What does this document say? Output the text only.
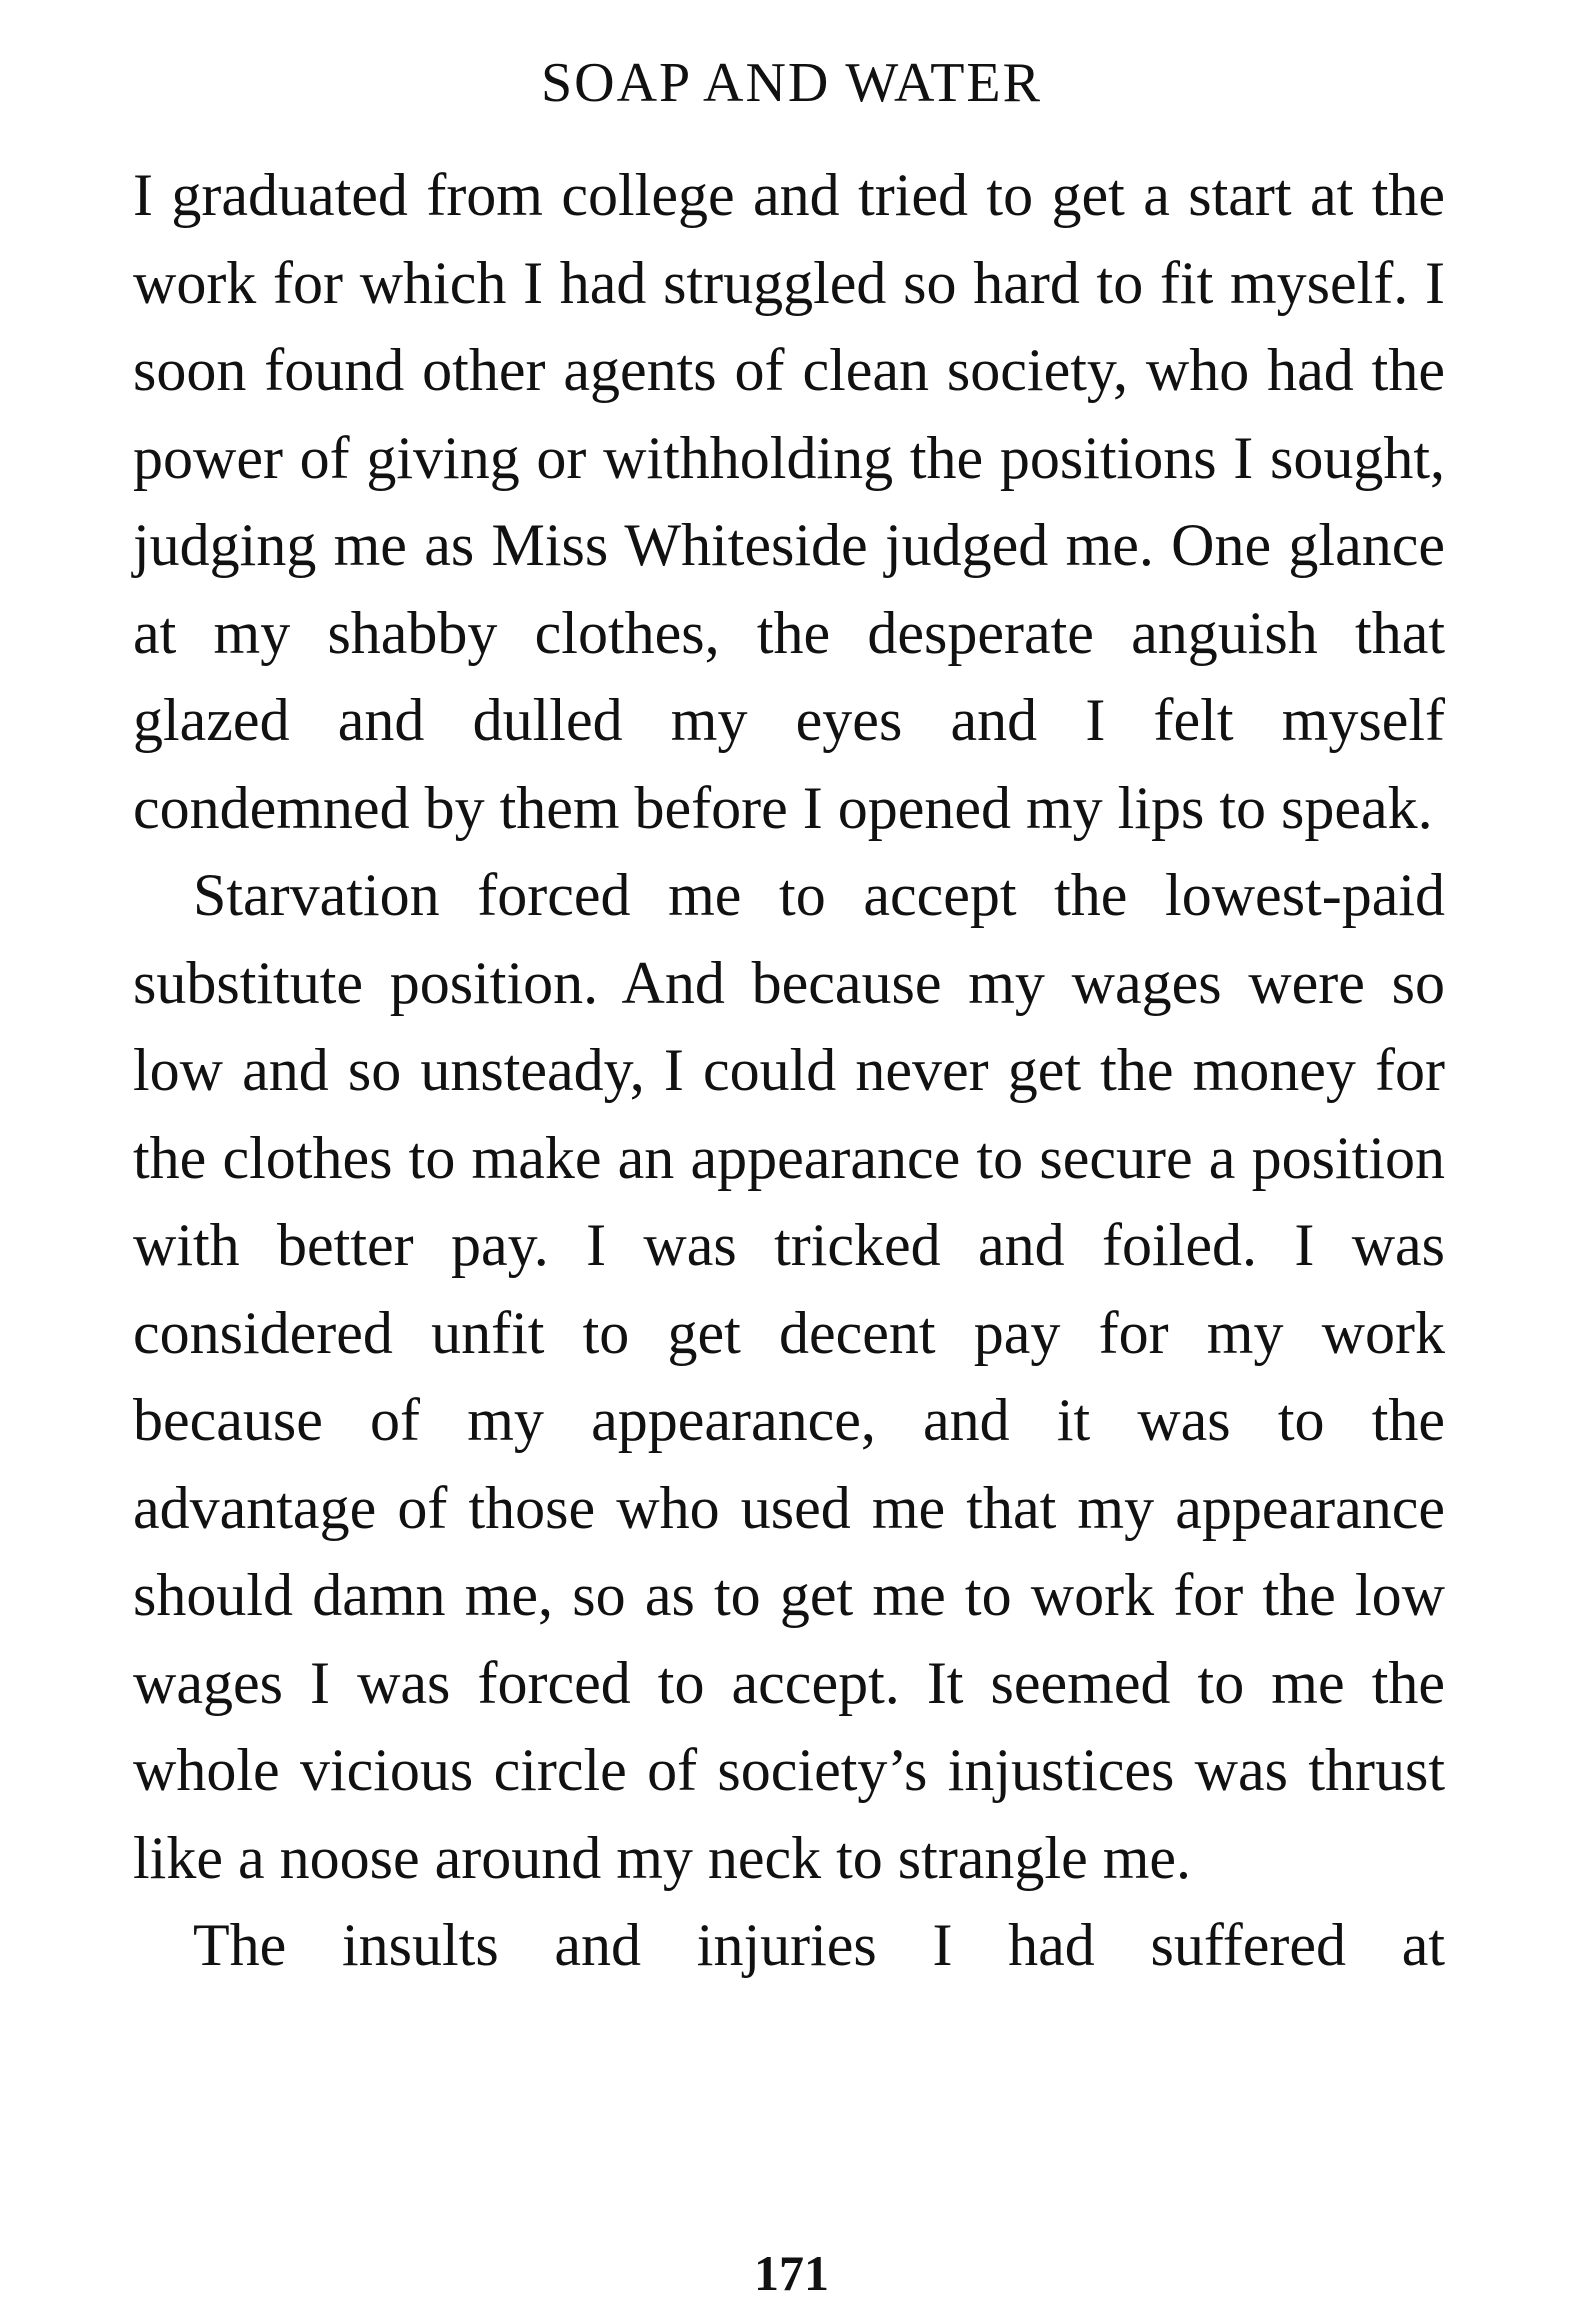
SOAP AND WATER

I graduated from college and tried to get a start at the work for which I had struggled so hard to fit myself. I soon found other agents of clean society, who had the power of giving or withholding the positions I sought, judging me as Miss Whiteside judged me. One glance at my shabby clothes, the desperate anguish that glazed and dulled my eyes and I felt myself condemned by them before I opened my lips to speak.

Starvation forced me to accept the lowest-paid substitute position. And because my wages were so low and so unsteady, I could never get the money for the clothes to make an appearance to secure a position with better pay. I was tricked and foiled. I was considered unfit to get decent pay for my work because of my appearance, and it was to the advantage of those who used me that my appearance should damn me, so as to get me to work for the low wages I was forced to accept. It seemed to me the whole vicious circle of society’s injustices was thrust like a noose around my neck to strangle me.

The insults and injuries I had suffered at

171
